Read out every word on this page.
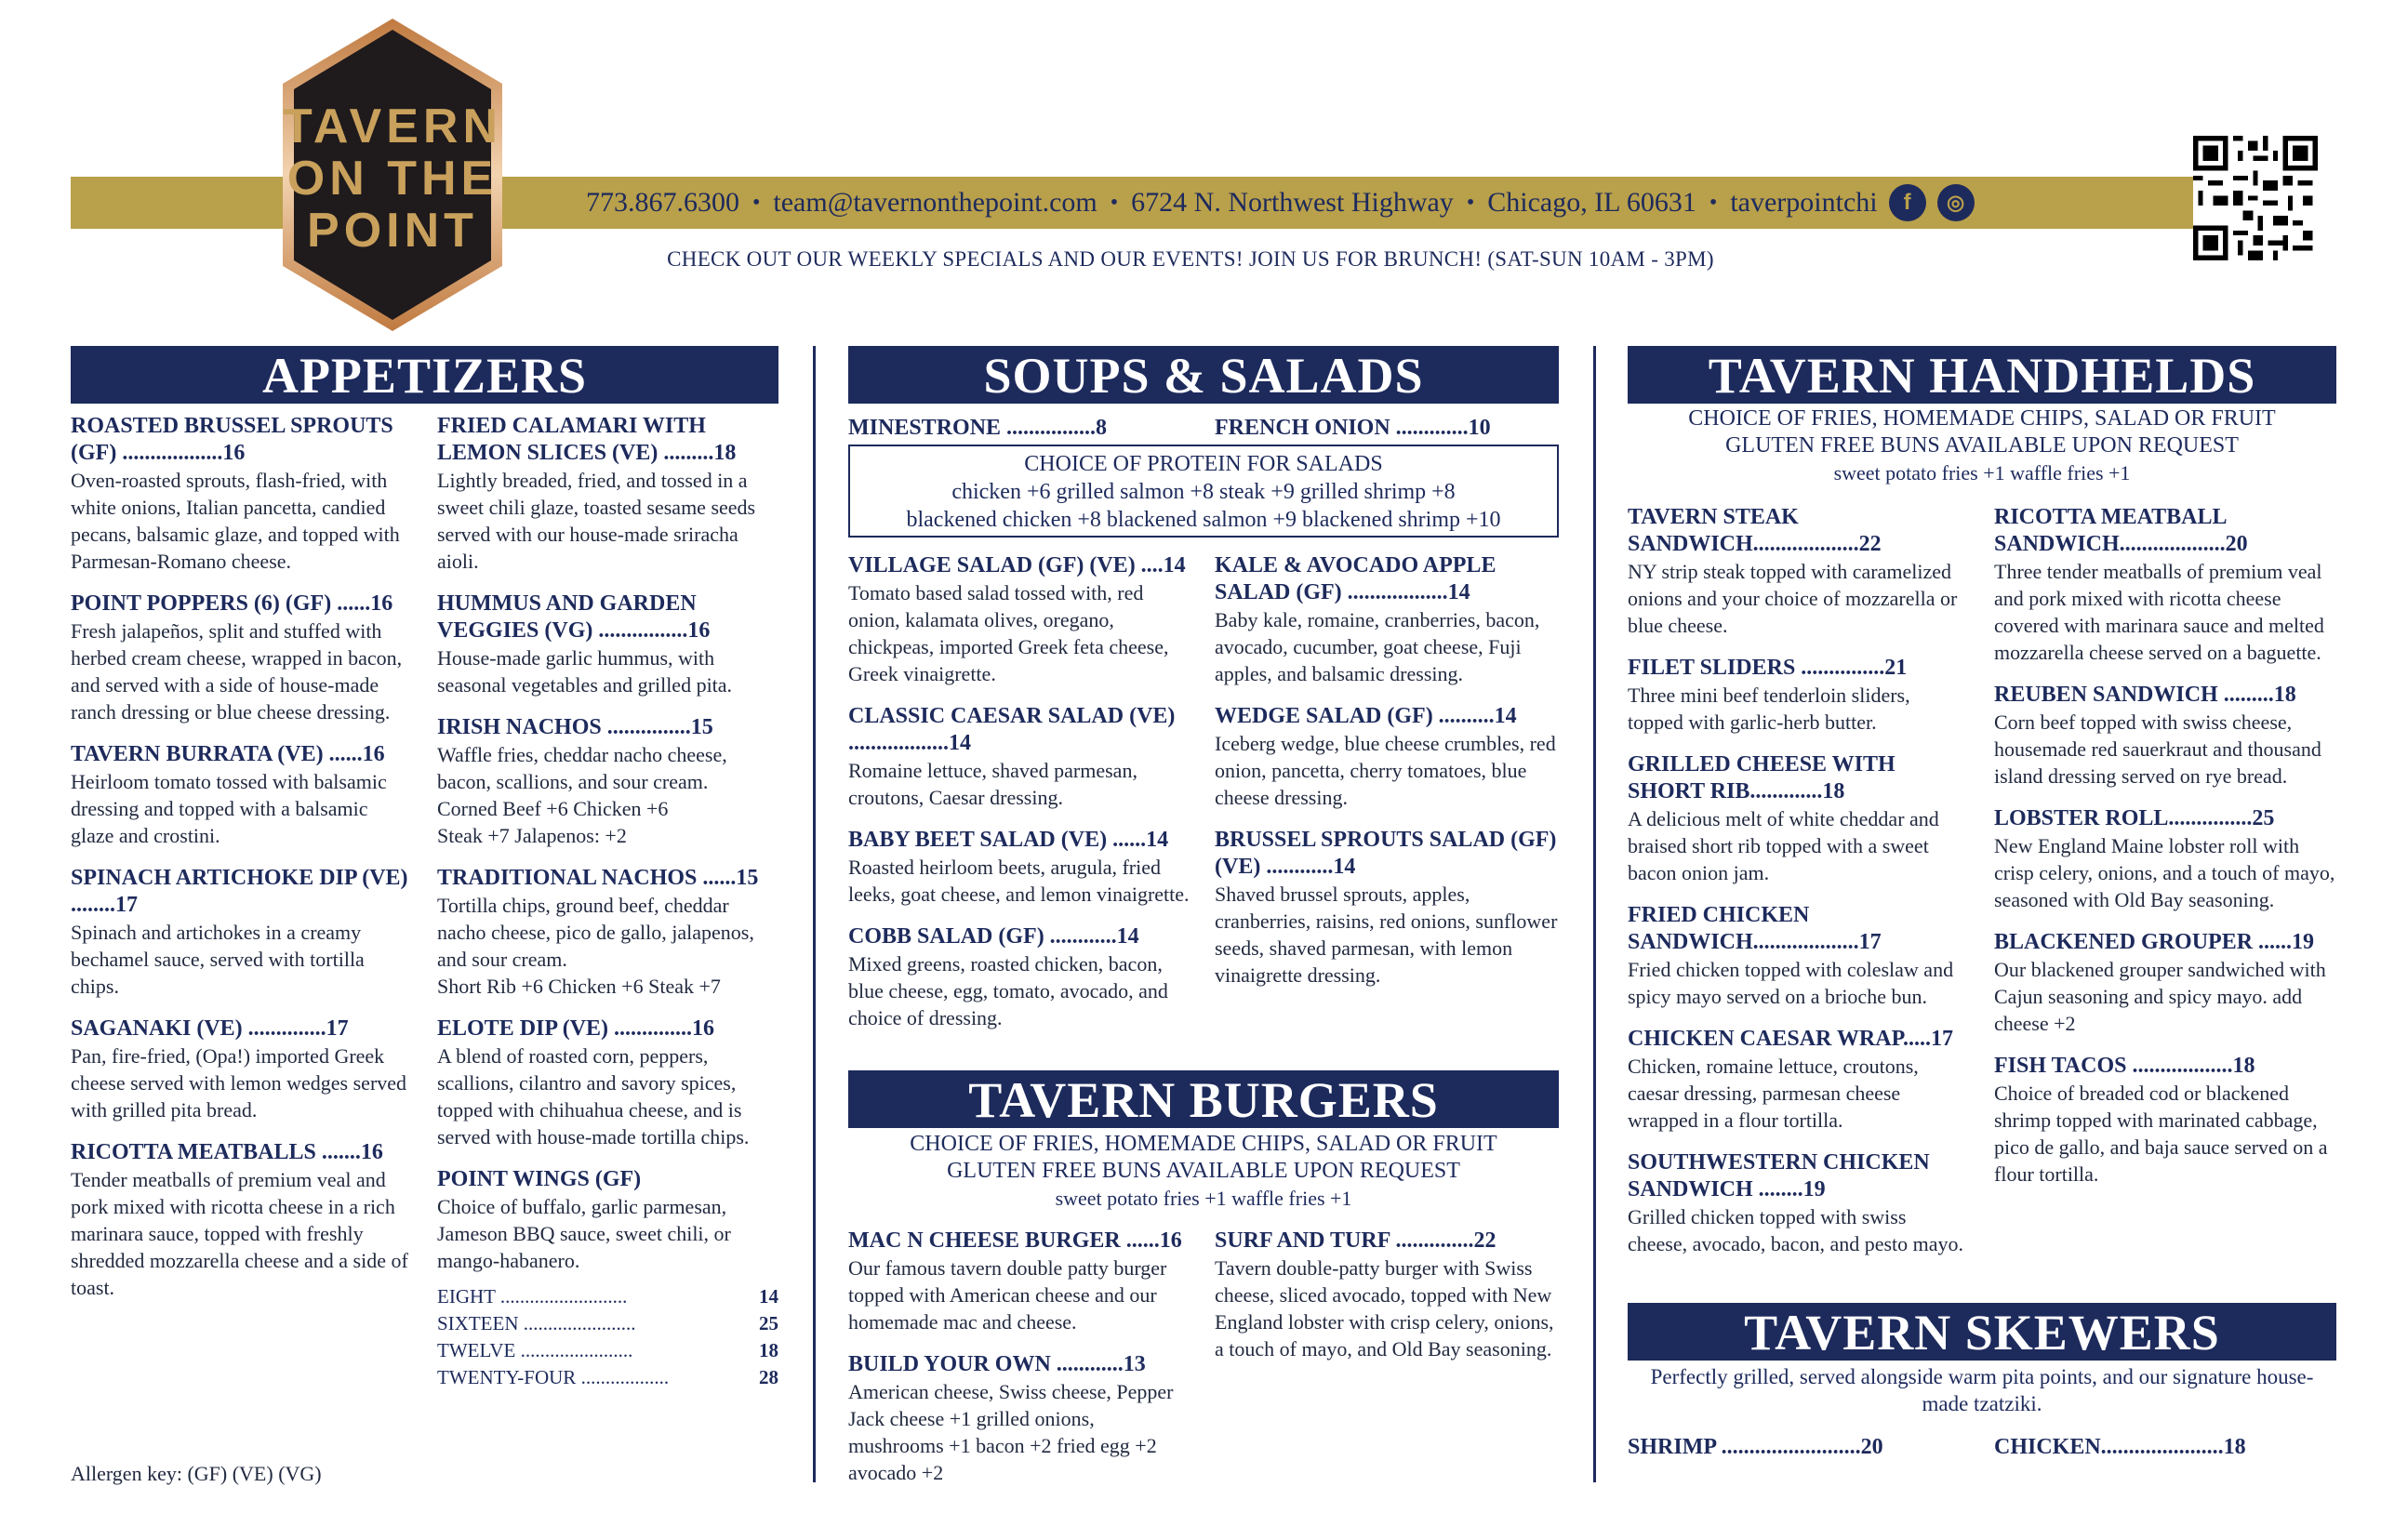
TAVERN ON THE POINT
773.867.6300 • team@tavernonthepoint.com • 6724 N. Northwest Highway • Chicago, IL 60631 • taverpointchi	f	◎
CHECK OUT OUR WEEKLY SPECIALS AND OUR EVENTS! JOIN US FOR BRUNCH! (SAT-SUN 10AM - 3PM)
APPETIZERS
ROASTED BRUSSEL SPROUTS (GF) ..................16
Oven-roasted sprouts, flash-fried, with white onions, Italian pancetta, candied pecans, balsamic glaze, and topped with Parmesan-Romano cheese.
POINT POPPERS (6) (GF) ......16
Fresh jalapeños, split and stuffed with herbed cream cheese, wrapped in bacon, and served with a side of house-made ranch dressing or blue cheese dressing.
TAVERN BURRATA (VE) ......16
Heirloom tomato tossed with balsamic dressing and topped with a balsamic glaze and crostini.
SPINACH ARTICHOKE DIP (VE) ........17
Spinach and artichokes in a creamy bechamel sauce, served with tortilla chips.
SAGANAKI (VE) ..............17
Pan, fire-fried, (Opa!) imported Greek cheese served with lemon wedges served with grilled pita bread.
RICOTTA MEATBALLS .......16
Tender meatballs of premium veal and pork mixed with ricotta cheese in a rich marinara sauce, topped with freshly shredded mozzarella cheese and a side of toast.
FRIED CALAMARI WITH LEMON SLICES (VE) .........18
Lightly breaded, fried, and tossed in a sweet chili glaze, toasted sesame seeds served with our house-made sriracha aioli.
HUMMUS AND GARDEN VEGGIES (VG) ................16
House-made garlic hummus, with seasonal vegetables and grilled pita.
IRISH NACHOS ...............15
Waffle fries, cheddar nacho cheese, bacon, scallions, and sour cream.
Corned Beef +6 Chicken +6
Steak +7 Jalapenos: +2
TRADITIONAL NACHOS ......15
Tortilla chips, ground beef, cheddar nacho cheese, pico de gallo, jalapenos, and sour cream.
Short Rib +6 Chicken +6 Steak +7
ELOTE DIP (VE) ..............16
A blend of roasted corn, peppers, scallions, cilantro and savory spices, topped with chihuahua cheese, and is served with house-made tortilla chips.
POINT WINGS (GF)
Choice of buffalo, garlic parmesan, Jameson BBQ sauce, sweet chili, or mango-habanero.
EIGHT ..........................	14
SIXTEEN .......................	25
TWELVE .......................	18
TWENTY-FOUR ..................	28
SOUPS & SALADS
MINESTRONE ................8	FRENCH ONION .............10
CHOICE OF PROTEIN FOR SALADS
chicken +6 grilled salmon +8 steak +9 grilled shrimp +8
blackened chicken +8 blackened salmon +9 blackened shrimp +10
VILLAGE SALAD (GF) (VE) ....14
Tomato based salad tossed with, red onion, kalamata olives, oregano, chickpeas, imported Greek feta cheese, Greek vinaigrette.
CLASSIC CAESAR SALAD (VE) ..................14
Romaine lettuce, shaved parmesan, croutons, Caesar dressing.
BABY BEET SALAD (VE) ......14
Roasted heirloom beets, arugula, fried leeks, goat cheese, and lemon vinaigrette.
COBB SALAD (GF) ............14
Mixed greens, roasted chicken, bacon, blue cheese, egg, tomato, avocado, and choice of dressing.
KALE & AVOCADO APPLE SALAD (GF) ..................14
Baby kale, romaine, cranberries, bacon, avocado, cucumber, goat cheese, Fuji apples, and balsamic dressing.
WEDGE SALAD (GF) ..........14
Iceberg wedge, blue cheese crumbles, red onion, pancetta, cherry tomatoes, blue cheese dressing.
BRUSSEL SPROUTS SALAD (GF) (VE) ............14
Shaved brussel sprouts, apples, cranberries, raisins, red onions, sunflower seeds, shaved parmesan, with lemon vinaigrette dressing.
TAVERN BURGERS
CHOICE OF FRIES, HOMEMADE CHIPS, SALAD OR FRUIT
GLUTEN FREE BUNS AVAILABLE UPON REQUEST
sweet potato fries +1 waffle fries +1
MAC N CHEESE BURGER ......16
Our famous tavern double patty burger topped with American cheese and our homemade mac and cheese.
BUILD YOUR OWN ............13
American cheese, Swiss cheese, Pepper Jack cheese +1 grilled onions, mushrooms +1 bacon +2 fried egg +2 avocado +2
SURF AND TURF ..............22
Tavern double-patty burger with Swiss cheese, sliced avocado, topped with New England lobster with crisp celery, onions, a touch of mayo, and Old Bay seasoning.
TAVERN HANDHELDS
CHOICE OF FRIES, HOMEMADE CHIPS, SALAD OR FRUIT
GLUTEN FREE BUNS AVAILABLE UPON REQUEST
sweet potato fries +1 waffle fries +1
TAVERN STEAK SANDWICH...................22
NY strip steak topped with caramelized onions and your choice of mozzarella or blue cheese.
FILET SLIDERS ...............21
Three mini beef tenderloin sliders, topped with garlic-herb butter.
GRILLED CHEESE WITH SHORT RIB.............18
A delicious melt of white cheddar and braised short rib topped with a sweet bacon onion jam.
FRIED CHICKEN SANDWICH...................17
Fried chicken topped with coleslaw and spicy mayo served on a brioche bun.
CHICKEN CAESAR WRAP.....17
Chicken, romaine lettuce, croutons, caesar dressing, parmesan cheese wrapped in a flour tortilla.
SOUTHWESTERN CHICKEN SANDWICH ........19
Grilled chicken topped with swiss cheese, avocado, bacon, and pesto mayo.
RICOTTA MEATBALL SANDWICH...................20
Three tender meatballs of premium veal and pork mixed with ricotta cheese covered with marinara sauce and melted mozzarella cheese served on a baguette.
REUBEN SANDWICH .........18
Corn beef topped with swiss cheese, housemade red sauerkraut and thousand island dressing served on rye bread.
LOBSTER ROLL...............25
New England Maine lobster roll with crisp celery, onions, and a touch of mayo, seasoned with Old Bay seasoning.
BLACKENED GROUPER ......19
Our blackened grouper sandwiched with Cajun seasoning and spicy mayo. add cheese +2
FISH TACOS ..................18
Choice of breaded cod or blackened shrimp topped with marinated cabbage, pico de gallo, and baja sauce served on a flour tortilla.
TAVERN SKEWERS
Perfectly grilled, served alongside warm pita points, and our signature house-made tzatziki.
SHRIMP .........................20	CHICKEN......................18
Allergen key: (GF) (VE) (VG)
